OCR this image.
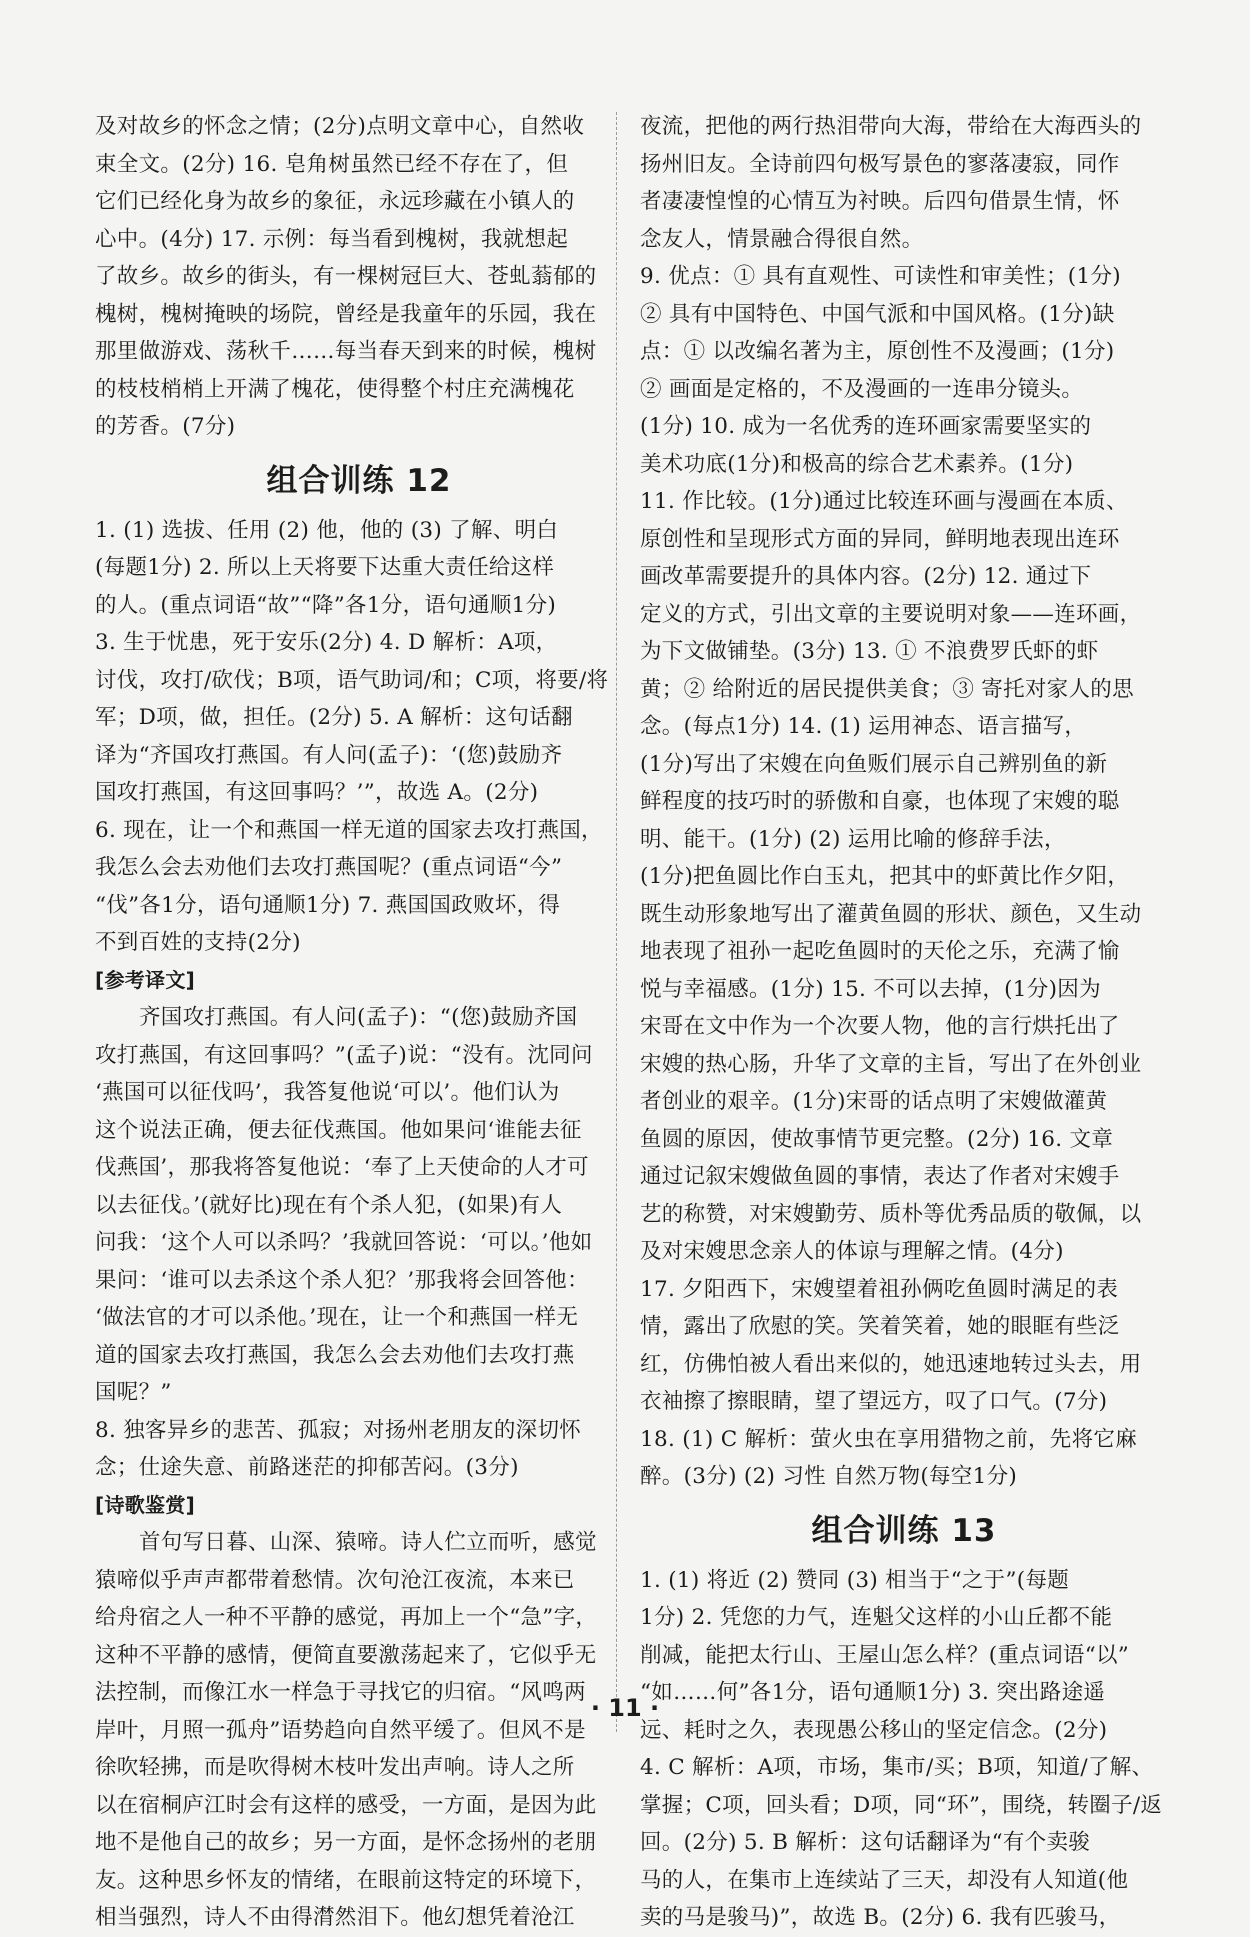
及对故乡的怀念之情；(2分)点明文章中心，自然收
束全文。(2分) 16. 皂角树虽然已经不存在了，但
它们已经化身为故乡的象征，永远珍藏在小镇人的
心中。(4分) 17. 示例：每当看到槐树，我就想起
了故乡。故乡的街头，有一棵树冠巨大、苍虬蓊郁的
槐树，槐树掩映的场院，曾经是我童年的乐园，我在
那里做游戏、荡秋千……每当春天到来的时候，槐树
的枝枝梢梢上开满了槐花，使得整个村庄充满槐花
的芳香。(7分)
组合训练 12
1. (1) 选拔、任用 (2) 他，他的 (3) 了解、明白
(每题1分) 2. 所以上天将要下达重大责任给这样
的人。(重点词语“故”“降”各1分，语句通顺1分)
3. 生于忧患，死于安乐(2分) 4. D 解析：A项，
讨伐，攻打/砍伐；B项，语气助词/和；C项，将要/将
军；D项，做，担任。(2分) 5. A 解析：这句话翻
译为“齐国攻打燕国。有人问(孟子)：‘(您)鼓励齐
国攻打燕国，有这回事吗？’”，故选 A。(2分)
6. 现在，让一个和燕国一样无道的国家去攻打燕国，
我怎么会去劝他们去攻打燕国呢？(重点词语“今”
“伐”各1分，语句通顺1分) 7. 燕国国政败坏，得
不到百姓的支持(2分)
[参考译文]
齐国攻打燕国。有人问(孟子)：“(您)鼓励齐国
攻打燕国，有这回事吗？”(孟子)说：“没有。沈同问
‘燕国可以征伐吗’，我答复他说‘可以’。他们认为
这个说法正确，便去征伐燕国。他如果问‘谁能去征
伐燕国’，那我将答复他说：‘奉了上天使命的人才可
以去征伐。’(就好比)现在有个杀人犯，(如果)有人
问我：‘这个人可以杀吗？’我就回答说：‘可以。’他如
果问：‘谁可以去杀这个杀人犯？’那我将会回答他：
‘做法官的才可以杀他。’现在，让一个和燕国一样无
道的国家去攻打燕国，我怎么会去劝他们去攻打燕
国呢？”
8. 独客异乡的悲苦、孤寂；对扬州老朋友的深切怀
念；仕途失意、前路迷茫的抑郁苦闷。(3分)
[诗歌鉴赏]
首句写日暮、山深、猿啼。诗人伫立而听，感觉
猿啼似乎声声都带着愁情。次句沧江夜流，本来已
给舟宿之人一种不平静的感觉，再加上一个“急”字，
这种不平静的感情，便简直要激荡起来了，它似乎无
法控制，而像江水一样急于寻找它的归宿。“风鸣两
岸叶，月照一孤舟”语势趋向自然平缓了。但风不是
徐吹轻拂，而是吹得树木枝叶发出声响。诗人之所
以在宿桐庐江时会有这样的感受，一方面，是因为此
地不是他自己的故乡；另一方面，是怀念扬州的老朋
友。这种思乡怀友的情绪，在眼前这特定的环境下，
相当强烈，诗人不由得潸然泪下。他幻想凭着沧江
夜流，把他的两行热泪带向大海，带给在大海西头的
扬州旧友。全诗前四句极写景色的寥落凄寂，同作
者凄凄惶惶的心情互为衬映。后四句借景生情，怀
念友人，情景融合得很自然。
9. 优点：① 具有直观性、可读性和审美性；(1分)
② 具有中国特色、中国气派和中国风格。(1分)缺
点：① 以改编名著为主，原创性不及漫画；(1分)
② 画面是定格的，不及漫画的一连串分镜头。
(1分) 10. 成为一名优秀的连环画家需要坚实的
美术功底(1分)和极高的综合艺术素养。(1分)
11. 作比较。(1分)通过比较连环画与漫画在本质、
原创性和呈现形式方面的异同，鲜明地表现出连环
画改革需要提升的具体内容。(2分) 12. 通过下
定义的方式，引出文章的主要说明对象——连环画，
为下文做铺垫。(3分) 13. ① 不浪费罗氏虾的虾
黄；② 给附近的居民提供美食；③ 寄托对家人的思
念。(每点1分) 14. (1) 运用神态、语言描写，
(1分)写出了宋嫂在向鱼贩们展示自己辨别鱼的新
鲜程度的技巧时的骄傲和自豪，也体现了宋嫂的聪
明、能干。(1分) (2) 运用比喻的修辞手法，
(1分)把鱼圆比作白玉丸，把其中的虾黄比作夕阳，
既生动形象地写出了灌黄鱼圆的形状、颜色，又生动
地表现了祖孙一起吃鱼圆时的天伦之乐，充满了愉
悦与幸福感。(1分) 15. 不可以去掉，(1分)因为
宋哥在文中作为一个次要人物，他的言行烘托出了
宋嫂的热心肠，升华了文章的主旨，写出了在外创业
者创业的艰辛。(1分)宋哥的话点明了宋嫂做灌黄
鱼圆的原因，使故事情节更完整。(2分) 16. 文章
通过记叙宋嫂做鱼圆的事情，表达了作者对宋嫂手
艺的称赞，对宋嫂勤劳、质朴等优秀品质的敬佩，以
及对宋嫂思念亲人的体谅与理解之情。(4分)
17. 夕阳西下，宋嫂望着祖孙俩吃鱼圆时满足的表
情，露出了欣慰的笑。笑着笑着，她的眼眶有些泛
红，仿佛怕被人看出来似的，她迅速地转过头去，用
衣袖擦了擦眼睛，望了望远方，叹了口气。(7分)
18. (1) C 解析：萤火虫在享用猎物之前，先将它麻
醉。(3分) (2) 习性 自然万物(每空1分)
组合训练 13
1. (1) 将近 (2) 赞同 (3) 相当于“之于”(每题
1分) 2. 凭您的力气，连魁父这样的小山丘都不能
削减，能把太行山、王屋山怎么样？(重点词语“以”
“如……何”各1分，语句通顺1分) 3. 突出路途遥
远、耗时之久，表现愚公移山的坚定信念。(2分)
4. C 解析：A项，市场，集市/买；B项，知道/了解、
掌握；C项，回头看；D项，同“环”，围绕，转圈子/返
回。(2分) 5. B 解析：这句话翻译为“有个卖骏
马的人，在集市上连续站了三天，却没有人知道(他
卖的马是骏马)”，故选 B。(2分) 6. 我有匹骏马，
· 11 ·
